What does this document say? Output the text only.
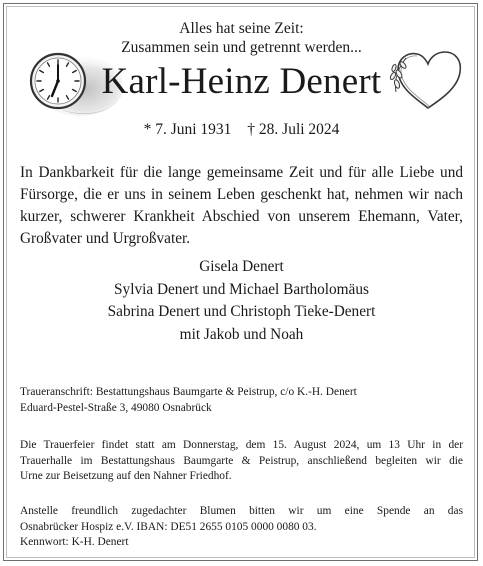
Alles hat seine Zeit:
Zusammen sein und getrennt werden...
Karl-Heinz Denert
* 7. Juni 1931 † 28. Juli 2024
In Dankbarkeit für die lange gemeinsame Zeit und für alle Liebe und Fürsorge, die er uns in seinem Leben geschenkt hat, nehmen wir nach kurzer, schwerer Krankheit Abschied von unserem Ehemann, Vater, Großvater und Urgroßvater.
Gisela Denert
Sylvia Denert und Michael Bartholomäus
Sabrina Denert und Christoph Tieke-Denert
mit Jakob und Noah
Traueranschrift: Bestattungshaus Baumgarte & Peistrup, c/o K.-H. Denert
Eduard-Pestel-Straße 3, 49080 Osnabrück
Die Trauerfeier findet statt am Donnerstag, dem 15. August 2024, um 13 Uhr in der
Trauerhalle im Bestattungshaus Baumgarte & Peistrup, anschließend begleiten wir die
Urne zur Beisetzung auf den Nahner Friedhof.
Anstelle freundlich zugedachter Blumen bitten wir um eine Spende an das
Osnabrücker Hospiz e.V. IBAN: DE51 2655 0105 0000 0080 03.
Kennwort: K-H. Denert
